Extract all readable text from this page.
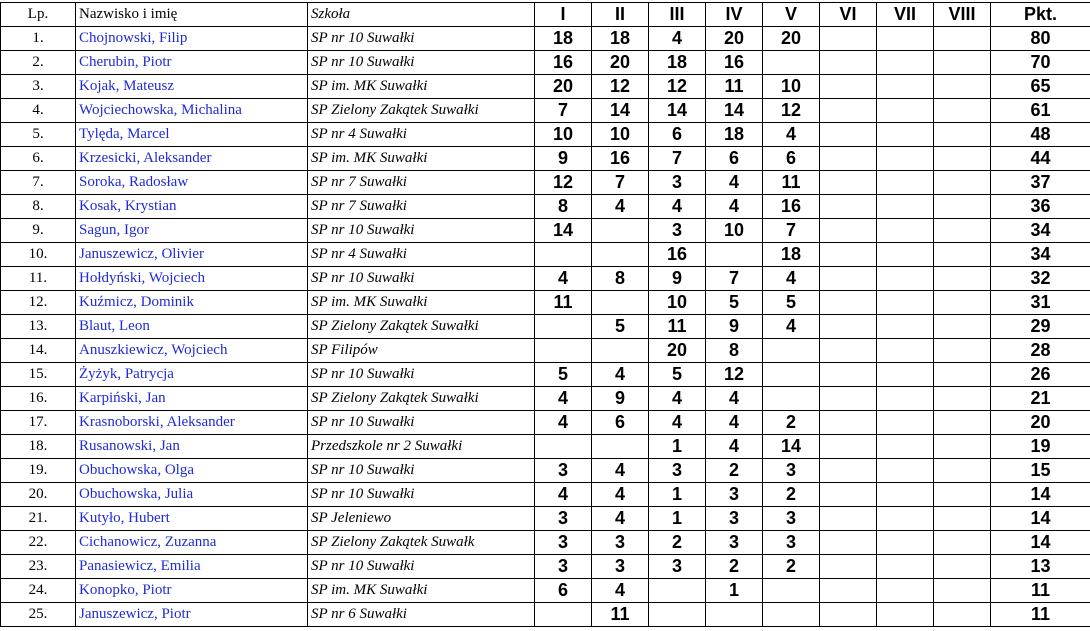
Lp.	Nazwisko i imię	Szkoła	I	II	III	IV	V	VI	VII	VIII	Pkt.
1.	Chojnowski, Filip	SP nr 10 Suwałki	18	18	4	20	20				80
2.	Cherubin, Piotr	SP nr 10 Suwałki	16	20	18	16					70
3.	Kojak, Mateusz	SP im. MK Suwałki	20	12	12	11	10				65
4.	Wojciechowska, Michalina	SP Zielony Zakątek Suwałki	7	14	14	14	12				61
5.	Tylęda, Marcel	SP nr 4 Suwałki	10	10	6	18	4				48
6.	Krzesicki, Aleksander	SP im. MK Suwałki	9	16	7	6	6				44
7.	Soroka, Radosław	SP nr 7 Suwałki	12	7	3	4	11				37
8.	Kosak, Krystian	SP nr 7 Suwałki	8	4	4	4	16				36
9.	Sagun, Igor	SP nr 10 Suwałki	14		3	10	7				34
10.	Januszewicz, Olivier	SP nr 4 Suwałki			16		18				34
11.	Hołdyński, Wojciech	SP nr 10 Suwałki	4	8	9	7	4				32
12.	Kuźmicz, Dominik	SP im. MK Suwałki	11		10	5	5				31
13.	Blaut, Leon	SP Zielony Zakątek Suwałki		5	11	9	4				29
14.	Anuszkiewicz, Wojciech	SP Filipów			20	8					28
15.	Żyżyk, Patrycja	SP nr 10 Suwałki	5	4	5	12					26
16.	Karpiński, Jan	SP Zielony Zakątek Suwałki	4	9	4	4					21
17.	Krasnoborski, Aleksander	SP nr 10 Suwałki	4	6	4	4	2				20
18.	Rusanowski, Jan	Przedszkole nr 2 Suwałki			1	4	14				19
19.	Obuchowska, Olga	SP nr 10 Suwałki	3	4	3	2	3				15
20.	Obuchowska, Julia	SP nr 10 Suwałki	4	4	1	3	2				14
21.	Kutyło, Hubert	SP Jeleniewo	3	4	1	3	3				14
22.	Cichanowicz, Zuzanna	SP Zielony Zakątek Suwałk	3	3	2	3	3				14
23.	Panasiewicz, Emilia	SP nr 10 Suwałki	3	3	3	2	2				13
24.	Konopko, Piotr	SP im. MK Suwałki	6	4		1					11
25.	Januszewicz, Piotr	SP nr 6 Suwałki		11							11
